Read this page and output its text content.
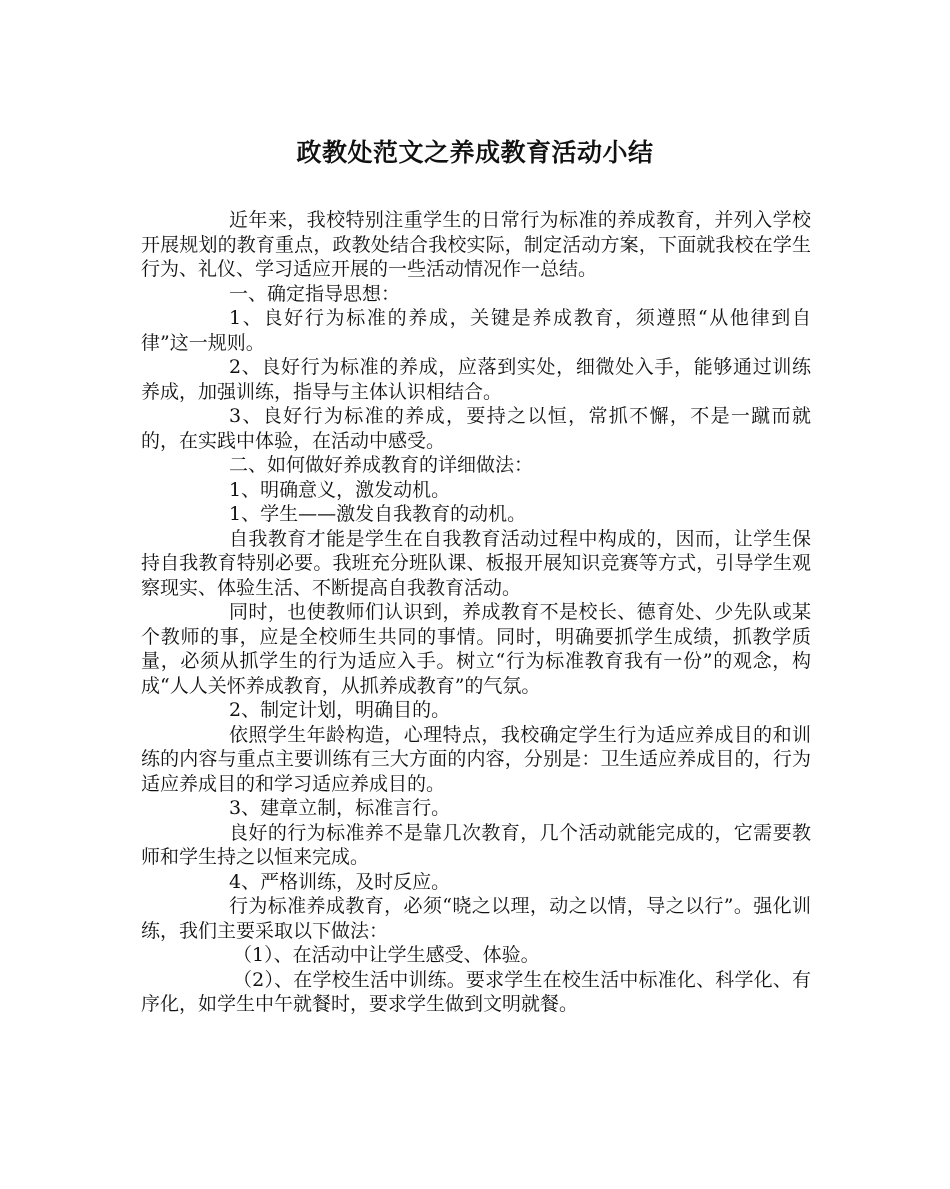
政教处范文之养成教育活动小结

近年来，我校特别注重学生的日常行为标准的养成教育，并列入学校开展规划的教育重点，政教处结合我校实际，制定活动方案，下面就我校在学生行为、礼仪、学习适应开展的一些活动情况作一总结。

一、确定指导思想：

1、良好行为标准的养成，关键是养成教育，须遵照“从他律到自律”这一规则。

2、良好行为标准的养成，应落到实处，细微处入手，能够通过训练养成，加强训练，指导与主体认识相结合。

3、良好行为标准的养成，要持之以恒，常抓不懈，不是一蹴而就的，在实践中体验，在活动中感受。

二、如何做好养成教育的详细做法：

1、明确意义，激发动机。

1、学生——激发自我教育的动机。

自我教育才能是学生在自我教育活动过程中构成的，因而，让学生保持自我教育特别必要。我班充分班队课、板报开展知识竞赛等方式，引导学生观察现实、体验生活、不断提高自我教育活动。

同时，也使教师们认识到，养成教育不是校长、德育处、少先队或某个教师的事，应是全校师生共同的事情。同时，明确要抓学生成绩，抓教学质量，必须从抓学生的行为适应入手。树立“行为标准教育我有一份”的观念，构成“人人关怀养成教育，从抓养成教育”的气氛。

2、制定计划，明确目的。

依照学生年龄构造，心理特点，我校确定学生行为适应养成目的和训练的内容与重点主要训练有三大方面的内容，分别是：卫生适应养成目的，行为适应养成目的和学习适应养成目的。

3、建章立制，标准言行。

良好的行为标准养不是靠几次教育，几个活动就能完成的，它需要教师和学生持之以恒来完成。

4、严格训练，及时反应。

行为标准养成教育，必须“晓之以理，动之以情，导之以行”。强化训练，我们主要采取以下做法：

（1）、在活动中让学生感受、体验。

（2）、在学校生活中训练。要求学生在校生活中标准化、科学化、有序化，如学生中午就餐时，要求学生做到文明就餐。
